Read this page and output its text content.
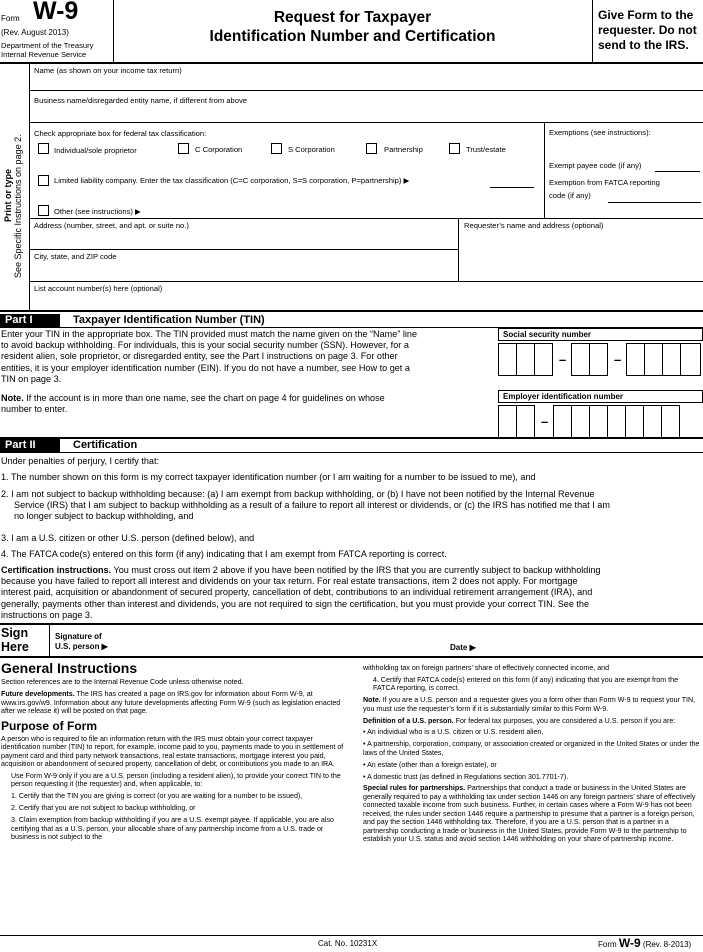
Form W-9
(Rev. August 2013)
Department of the Treasury
Internal Revenue Service
Request for Taxpayer
Identification Number and Certification
Give Form to the requester. Do not send to the IRS.
Print or type See Specific Instructions on page 2.
Name (as shown on your income tax return)
Business name/disregarded entity name, if different from above
Check appropriate box for federal tax classification:
Individual/sole proprietor	C Corporation	S Corporation	Partnership	Trust/estate
Limited liability company. Enter the tax classification (C=C corporation, S=S corporation, P=partnership) ▶
Other (see instructions) ▶
Exemptions (see instructions):
Exempt payee code (if any)
Exemption from FATCA reporting
code (if any)
Address (number, street, and apt. or suite no.)	Requester’s name and address (optional)
City, state, and ZIP code
List account number(s) here (optional)
Part I	Taxpayer Identification Number (TIN)
Enter your TIN in the appropriate box. The TIN provided must match the name given on the “Name” line
to avoid backup withholding. For individuals, this is your social security number (SSN). However, for a
resident alien, sole proprietor, or disregarded entity, see the Part I instructions on page 3. For other
entities, it is your employer identification number (EIN). If you do not have a number, see How to get a
TIN on page 3.
Note. If the account is in more than one name, see the chart on page 4 for guidelines on whose
number to enter.
Social security number
–	–
Employer identification number
–
Part II	Certification
Under penalties of perjury, I certify that:
1. The number shown on this form is my correct taxpayer identification number (or I am waiting for a number to be issued to me), and
2. I am not subject to backup withholding because: (a) I am exempt from backup withholding, or (b) I have not been notified by the Internal Revenue
Service (IRS) that I am subject to backup withholding as a result of a failure to report all interest or dividends, or (c) the IRS has notified me that I am
no longer subject to backup withholding, and
3. I am a U.S. citizen or other U.S. person (defined below), and
4. The FATCA code(s) entered on this form (if any) indicating that I am exempt from FATCA reporting is correct.
Certification instructions. You must cross out item 2 above if you have been notified by the IRS that you are currently subject to backup withholding
because you have failed to report all interest and dividends on your tax return. For real estate transactions, item 2 does not apply. For mortgage
interest paid, acquisition or abandonment of secured property, cancellation of debt, contributions to an individual retirement arrangement (IRA), and
generally, payments other than interest and dividends, you are not required to sign the certification, but you must provide your correct TIN. See the
instructions on page 3.
Sign
Here
Signature of
U.S. person ▶	Date ▶
General Instructions

Section references are to the Internal Revenue Code unless otherwise noted.

Future developments. The IRS has created a page on IRS.gov for information about Form W-9, at www.irs.gov/w9. Information about any future developments affecting Form W-9 (such as legislation enacted after we release it) will be posted on that page.

Purpose of Form

A person who is required to file an information return with the IRS must obtain your correct taxpayer identification number (TIN) to report, for example, income paid to you, payments made to you in settlement of payment card and third party network transactions, real estate transactions, mortgage interest you paid, acquisition or abandonment of secured property, cancellation of debt, or contributions you made to an IRA.

Use Form W-9 only if you are a U.S. person (including a resident alien), to provide your correct TIN to the person requesting it (the requester) and, when applicable, to:

1. Certify that the TIN you are giving is correct (or you are waiting for a number to be issued),

2. Certify that you are not subject to backup withholding, or

3. Claim exemption from backup withholding if you are a U.S. exempt payee. If applicable, you are also certifying that as a U.S. person, your allocable share of any partnership income from a U.S. trade or business is not subject to the

withholding tax on foreign partners’ share of effectively connected income, and

4. Certify that FATCA code(s) entered on this form (if any) indicating that you are exempt from the FATCA reporting, is correct.

Note. If you are a U.S. person and a requester gives you a form other than Form W-9 to request your TIN, you must use the requester’s form if it is substantially similar to this Form W-9.

Definition of a U.S. person. For federal tax purposes, you are considered a U.S. person if you are:

• An individual who is a U.S. citizen or U.S. resident alien,

• A partnership, corporation, company, or association created or organized in the United States or under the laws of the United States,

• An estate (other than a foreign estate), or

• A domestic trust (as defined in Regulations section 301.7701-7).

Special rules for partnerships. Partnerships that conduct a trade or business in the United States are generally required to pay a withholding tax under section 1446 on any foreign partners’ share of effectively connected taxable income from such business. Further, in certain cases where a Form W-9 has not been received, the rules under section 1446 require a partnership to presume that a partner is a foreign person, and pay the section 1446 withholding tax. Therefore, if you are a U.S. person that is a partner in a partnership conducting a trade or business in the United States, provide Form W-9 to the partnership to establish your U.S. status and avoid section 1446 withholding on your share of partnership income.

Cat. No. 10231X	Form W-9 (Rev. 8-2013)
